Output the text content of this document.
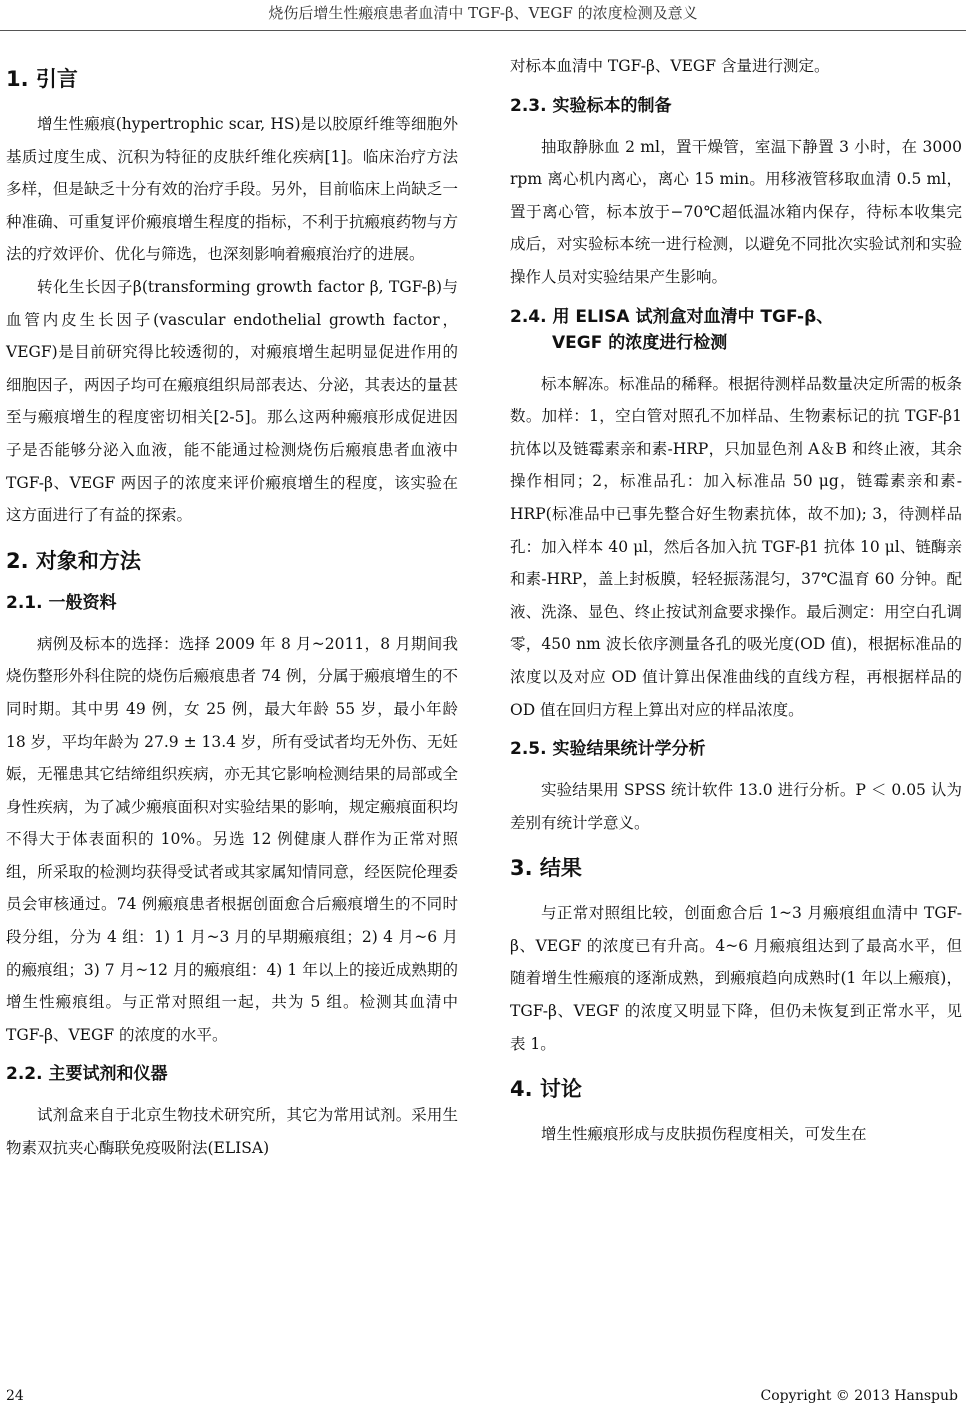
烧伤后增生性瘢痕患者血清中 TGF-β、VEGF 的浓度检测及意义
1. 引言

增生性瘢痕(hypertrophic scar, HS)是以胶原纤维等细胞外基质过度生成、沉积为特征的皮肤纤维化疾病[1]。临床治疗方法多样，但是缺乏十分有效的治疗手段。另外，目前临床上尚缺乏一种准确、可重复评价瘢痕增生程度的指标，不利于抗瘢痕药物与方法的疗效评价、优化与筛选，也深刻影响着瘢痕治疗的进展。

转化生长因子β(transforming growth factor β, TGF-β)与血管内皮生长因子(vascular endothelial growth factor，VEGF)是目前研究得比较透彻的，对瘢痕增生起明显促进作用的细胞因子，两因子均可在瘢痕组织局部表达、分泌，其表达的量甚至与瘢痕增生的程度密切相关[2-5]。那么这两种瘢痕形成促进因子是否能够分泌入血液，能不能通过检测烧伤后瘢痕患者血液中TGF-β、VEGF 两因子的浓度来评价瘢痕增生的程度，该实验在这方面进行了有益的探索。

2. 对象和方法
2.1. 一般资料

病例及标本的选择：选择 2009 年 8 月~2011，8 月期间我烧伤整形外科住院的烧伤后瘢痕患者 74 例，分属于瘢痕增生的不同时期。其中男 49 例，女 25 例，最大年龄 55 岁，最小年龄 18 岁，平均年龄为 27.9 ± 13.4 岁，所有受试者均无外伤、无妊娠，无罹患其它结缔组织疾病，亦无其它影响检测结果的局部或全身性疾病，为了减少瘢痕面积对实验结果的影响，规定瘢痕面积均不得大于体表面积的 10%。另选 12 例健康人群作为正常对照组，所采取的检测均获得受试者或其家属知情同意，经医院伦理委员会审核通过。74 例瘢痕患者根据创面愈合后瘢痕增生的不同时段分组，分为 4 组：1) 1 月~3 月的早期瘢痕组；2) 4 月~6 月的瘢痕组；3) 7 月~12 月的瘢痕组：4) 1 年以上的接近成熟期的增生性瘢痕组。与正常对照组一起，共为 5 组。检测其血清中 TGF-β、VEGF 的浓度的水平。

2.2. 主要试剂和仪器

试剂盒来自于北京生物技术研究所，其它为常用试剂。采用生物素双抗夹心酶联免疫吸附法(ELISA)

对标本血清中 TGF-β、VEGF 含量进行测定。

2.3. 实验标本的制备

抽取静脉血 2 ml，置干燥管，室温下静置 3 小时，在 3000 rpm 离心机内离心，离心 15 min。用移液管移取血清 0.5 ml，置于离心管，标本放于−70℃超低温冰箱内保存，待标本收集完成后，对实验标本统一进行检测，以避免不同批次实验试剂和实验操作人员对实验结果产生影响。

2.4. 用 ELISA 试剂盒对血清中 TGF-β、
VEGF 的浓度进行检测

标本解冻。标准品的稀释。根据待测样品数量决定所需的板条数。加样：1，空白管对照孔不加样品、生物素标记的抗 TGF-β1 抗体以及链霉素亲和素-HRP，只加显色剂 A＆B 和终止液，其余操作相同；2，标准品孔：加入标准品 50 μg，链霉素亲和素-HRP(标准品中已事先整合好生物素抗体，故不加); 3，待测样品孔：加入样本 40 μl，然后各加入抗 TGF-β1 抗体 10 μl、链酶亲和素-HRP，盖上封板膜，轻轻振荡混匀，37℃温育 60 分钟。配液、洗涤、显色、终止按试剂盒要求操作。最后测定：用空白孔调零，450 nm 波长依序测量各孔的吸光度(OD 值)，根据标准品的浓度以及对应 OD 值计算出保准曲线的直线方程，再根据样品的 OD 值在回归方程上算出对应的样品浓度。

2.5. 实验结果统计学分析

实验结果用 SPSS 统计软件 13.0 进行分析。P ＜ 0.05 认为差别有统计学意义。

3. 结果

与正常对照组比较，创面愈合后 1~3 月瘢痕组血清中 TGF-β、VEGF 的浓度已有升高。4~6 月瘢痕组达到了最高水平，但随着增生性瘢痕的逐渐成熟，到瘢痕趋向成熟时(1 年以上瘢痕)，TGF-β、VEGF 的浓度又明显下降，但仍未恢复到正常水平，见表 1。

4. 讨论

增生性瘢痕形成与皮肤损伤程度相关，可发生在

24	Copyright © 2013 Hanspub
